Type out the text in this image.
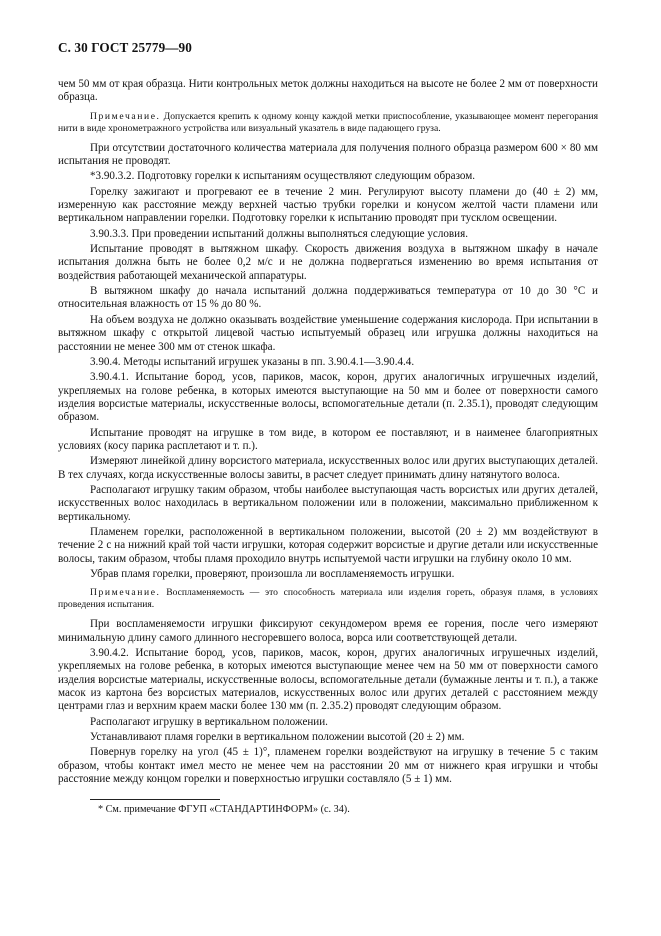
С. 30 ГОСТ 25779—90

чем 50 мм от края образца. Нити контрольных меток должны находиться на высоте не более 2 мм от поверхности образца.

Примечание. Допускается крепить к одному концу каждой метки приспособление, указывающее момент перегорания нити в виде хронометражного устройства или визуальный указатель в виде падающего груза.

При отсутствии достаточного количества материала для получения полного образца размером 600 × 80 мм испытания не проводят.

*3.90.3.2. Подготовку горелки к испытаниям осуществляют следующим образом.

Горелку зажигают и прогревают ее в течение 2 мин. Регулируют высоту пламени до (40 ± 2) мм, измеренную как расстояние между верхней частью трубки горелки и конусом желтой части пламени или вертикальном направлении горелки. Подготовку горелки к испытанию проводят при тусклом освещении.

3.90.3.3. При проведении испытаний должны выполняться следующие условия.

Испытание проводят в вытяжном шкафу. Скорость движения воздуха в вытяжном шкафу в начале испытания должна быть не более 0,2 м/с и не должна подвергаться изменению во время испытания от воздействия работающей механической аппаратуры.

В вытяжном шкафу до начала испытаний должна поддерживаться температура от 10 до 30 °С и относительная влажность от 15 % до 80 %.

На объем воздуха не должно оказывать воздействие уменьшение содержания кислорода. При испытании в вытяжном шкафу с открытой лицевой частью испытуемый образец или игрушка должны находиться на расстоянии не менее 300 мм от стенок шкафа.

3.90.4. Методы испытаний игрушек указаны в пп. 3.90.4.1—3.90.4.4.

3.90.4.1. Испытание бород, усов, париков, масок, корон, других аналогичных игрушечных изделий, укрепляемых на голове ребенка, в которых имеются выступающие на 50 мм и более от поверхности самого изделия ворсистые материалы, искусственные волосы, вспомогательные детали (п. 2.35.1), проводят следующим образом.

Испытание проводят на игрушке в том виде, в котором ее поставляют, и в наименее благоприятных условиях (косу парика расплетают и т. п.).

Измеряют линейкой длину ворсистого материала, искусственных волос или других выступающих деталей. В тех случаях, когда искусственные волосы завиты, в расчет следует принимать длину натянутого волоса.

Располагают игрушку таким образом, чтобы наиболее выступающая часть ворсистых или других деталей, искусственных волос находилась в вертикальном положении или в положении, максимально приближенном к вертикальному.

Пламенем горелки, расположенной в вертикальном положении, высотой (20 ± 2) мм воздействуют в течение 2 с на нижний край той части игрушки, которая содержит ворсистые и другие детали или искусственные волосы, таким образом, чтобы пламя проходило внутрь испытуемой части игрушки на глубину около 10 мм.

Убрав пламя горелки, проверяют, произошла ли воспламеняемость игрушки.

Примечание. Воспламеняемость — это способность материала или изделия гореть, образуя пламя, в условиях проведения испытания.

При воспламеняемости игрушки фиксируют секундомером время ее горения, после чего измеряют минимальную длину самого длинного несгоревшего волоса, ворса или соответствующей детали.

3.90.4.2. Испытание бород, усов, париков, масок, корон, других аналогичных игрушечных изделий, укрепляемых на голове ребенка, в которых имеются выступающие менее чем на 50 мм от поверхности самого изделия ворсистые материалы, искусственные волосы, вспомогательные детали (бумажные ленты и т. п.), а также масок из картона без ворсистых материалов, искусственных волос или других деталей с расстоянием между центрами глаз и верхним краем маски более 130 мм (п. 2.35.2) проводят следующим образом.

Располагают игрушку в вертикальном положении.

Устанавливают пламя горелки в вертикальном положении высотой (20 ± 2) мм.

Повернув горелку на угол (45 ± 1)°, пламенем горелки воздействуют на игрушку в течение 5 с таким образом, чтобы контакт имел место не менее чем на расстоянии 20 мм от нижнего края игрушки и чтобы расстояние между концом горелки и поверхностью игрушки составляло (5 ± 1) мм.

* См. примечание ФГУП «СТАНДАРТИНФОРМ» (с. 34).
